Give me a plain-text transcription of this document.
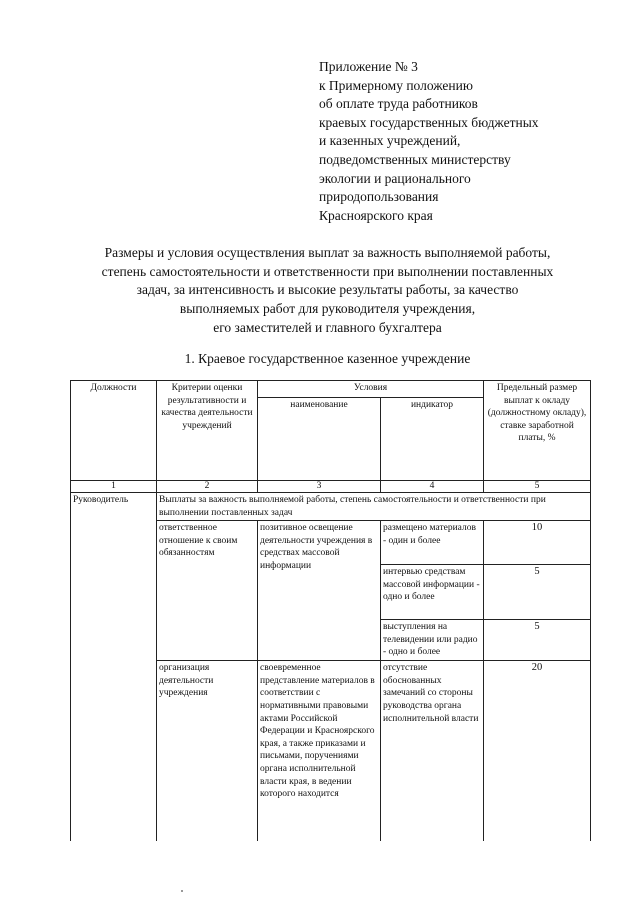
Приложение № 3
к Примерному положению
об оплате труда работников
краевых государственных бюджетных
и казенных учреждений,
подведомственных министерству
экологии и рационального
природопользования
Красноярского края
Размеры и условия осуществления выплат за важность выполняемой работы,
степень самостоятельности и ответственности при выполнении поставленных
задач, за интенсивность и высокие результаты работы, за качество
выполняемых работ для руководителя учреждения,
его заместителей и главного бухгалтера
1. Краевое государственное казенное учреждение
Должности	Критерии оценки результативности и качества деятельности учреждений	Условия		Предельный размер выплат к окладу (должностному окладу), ставке заработной платы, %
		наименование	индикатор	
1	2	3	4	5
Руководитель	Выплаты за важность выполняемой работы, степень самостоятельности и ответственности при выполнении поставленных задач			
	ответственное отношение к своим обязанностям	позитивное освещение деятельности учреждения в средствах массовой информации	размещено материалов - один и более	10
			интервью средствам массовой информации - одно и более	5
			выступления на телевидении или радио - одно и более	5
	организация деятельности учреждения	своевременное представление материалов в соответствии с нормативными правовыми актами Российской Федерации и Красноярского края, а также приказами и письмами, поручениями органа исполнительной власти края, в ведении которого находится	отсутствие обоснованных замечаний со стороны руководства органа исполнительной власти	20
